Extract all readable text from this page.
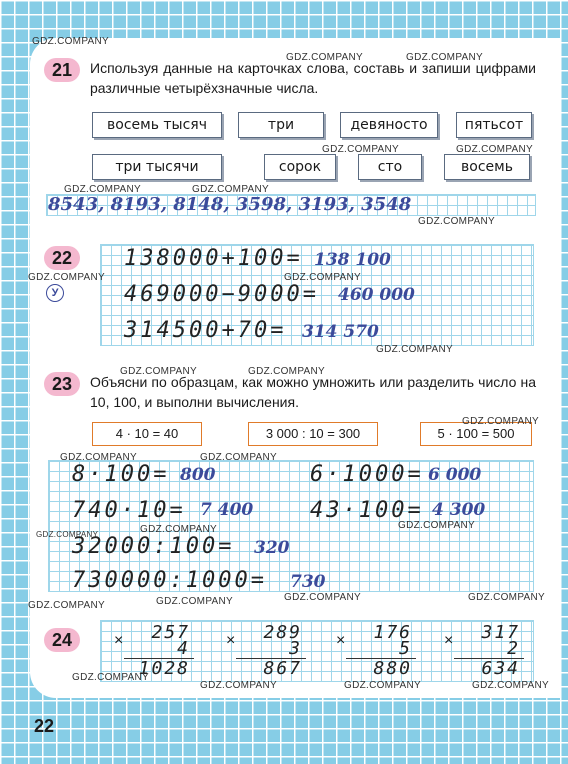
21	Используя данные на карточках слова, составь и запиши цифрами различные четырёхзначные числа.
восемь тысяч	три	девяносто	пятьсот
три тысячи	сорок	сто	восемь
8543, 8193, 8148, 3598, 3193, 3548
22
У
138000+100= 138 100
469000−9000= 460 000
314500+70= 314 570
23	Объясни по образцам, как можно умножить или разделить число на 10, 100, и выполни вычисления.
4 · 10 = 40	3 000 : 10 = 300	5 · 100 = 500
8·100= 800	6·1000= 6 000
740·10= 7 400	43·100= 4 300
32000:100= 320
730000:1000= 730
24	× 257
4
1028
× 289
3
867
× 176
5
880
× 317
2
634
22
GDZ.COMPANY
GDZ.COMPANY	GDZ.COMPANY
GDZ.COMPANY	GDZ.COMPANY
GDZ.COMPANY	GDZ.COMPANY
GDZ.COMPANY
GDZ.COMPANY	GDZ.COMPANY
GDZ.COMPANY
GDZ.COMPANY	GDZ.COMPANY
GDZ.COMPANY
GDZ.COMPANY	GDZ.COMPANY
GDZ.COMPANY	GDZ.COMPANY	GDZ.COMPANY
GDZ.COMPANY	GDZ.COMPANY	GDZ.COMPANY	GDZ.COMPANY
GDZ.COMPANY
GDZ.COMPANY	GDZ.COMPANY	GDZ.COMPANY
